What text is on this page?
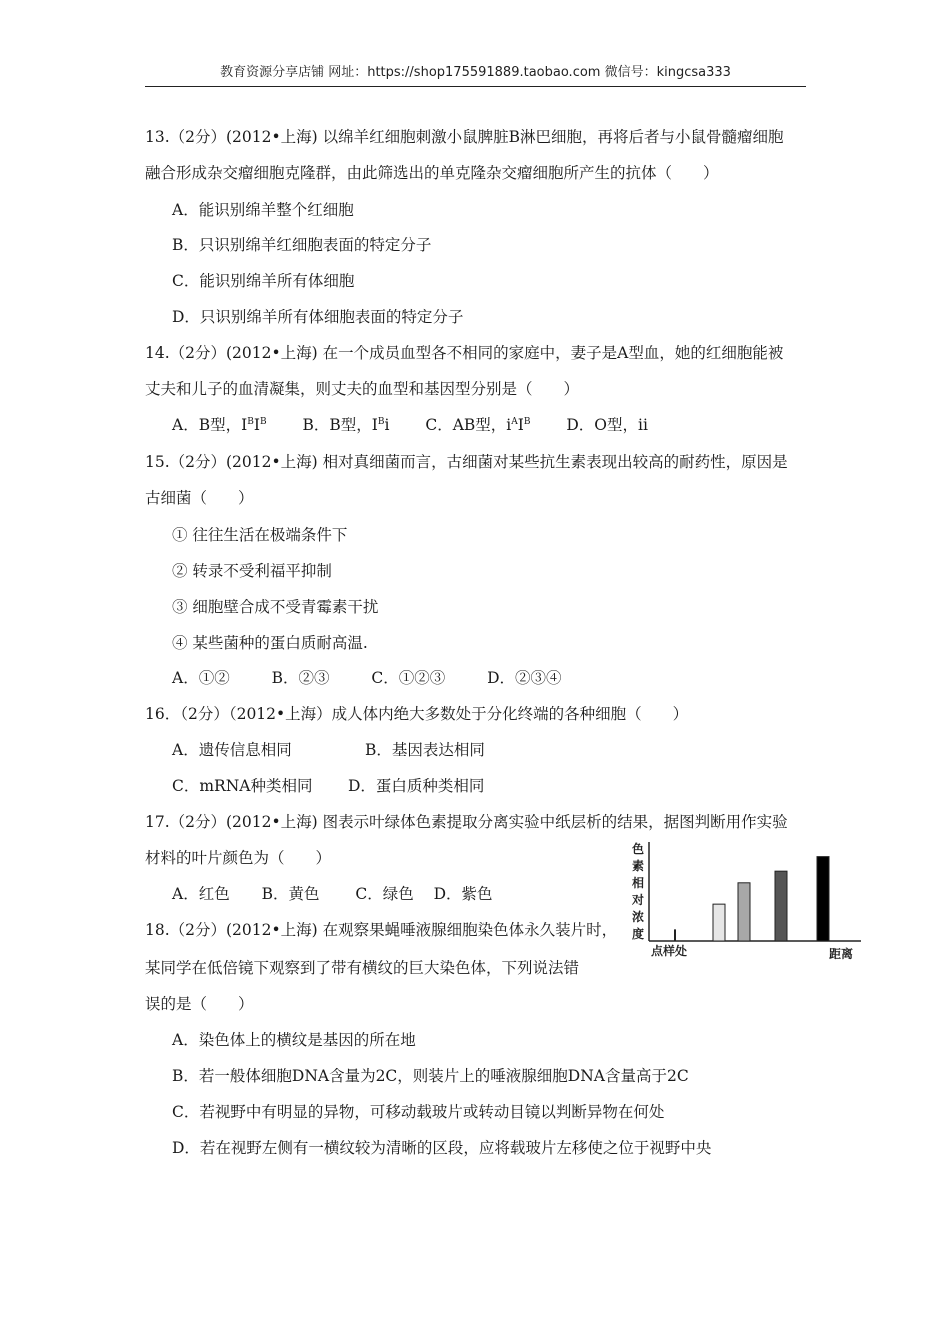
教育资源分享店铺 网址：https://shop175591889.taobao.com 微信号：kingcsa333
13.（2分）(2012•上海) 以绵羊红细胞刺激小鼠脾脏B淋巴细胞，再将后者与小鼠骨髓瘤细胞
融合形成杂交瘤细胞克隆群，由此筛选出的单克隆杂交瘤细胞所产生的抗体（　　）
A．能识别绵羊整个红细胞
B．只识别绵羊红细胞表面的特定分子
C．能识别绵羊所有体细胞
D．只识别绵羊所有体细胞表面的特定分子
14.（2分）(2012•上海) 在一个成员血型各不相同的家庭中，妻子是A型血，她的红细胞能被
丈夫和儿子的血清凝集，则丈夫的血型和基因型分别是（　　）
A．B型，$I^BI^B$ B．B型，$I^Bi$ C．AB型，$i^AI^B$ D．O型，ii
15.（2分）(2012•上海) 相对真细菌而言，古细菌对某些抗生素表现出较高的耐药性，原因是
古细菌（　　）
① 往往生活在极端条件下
② 转录不受利福平抑制
③ 细胞壁合成不受青霉素干扰
④ 某些菌种的蛋白质耐高温.
A．①②	B．②③	C．①②③	D．②③④
16．（2分）（2012•上海）成人体内绝大多数处于分化终端的各种细胞（　　）
A．遗传信息相同	B．基因表达相同
C．mRNA种类相同 D．蛋白质种类相同
17.（2分）(2012•上海) 图表示叶绿体色素提取分离实验中纸层析的结果，据图判断用作实验
材料的叶片颜色为（　　）
A．红色 B．黄色 C．绿色 D．紫色
色
素
相
对
浓
度
点样处	距离
18.（2分）(2012•上海) 在观察果蝇唾液腺细胞染色体永久装片时，
某同学在低倍镜下观察到了带有横纹的巨大染色体，下列说法错
误的是（　　）
A．染色体上的横纹是基因的所在地
B．若一般体细胞DNA含量为2C，则装片上的唾液腺细胞DNA含量高于2C
C．若视野中有明显的异物，可移动载玻片或转动目镜以判断异物在何处
D．若在视野左侧有一横纹较为清晰的区段，应将载玻片左移使之位于视野中央
